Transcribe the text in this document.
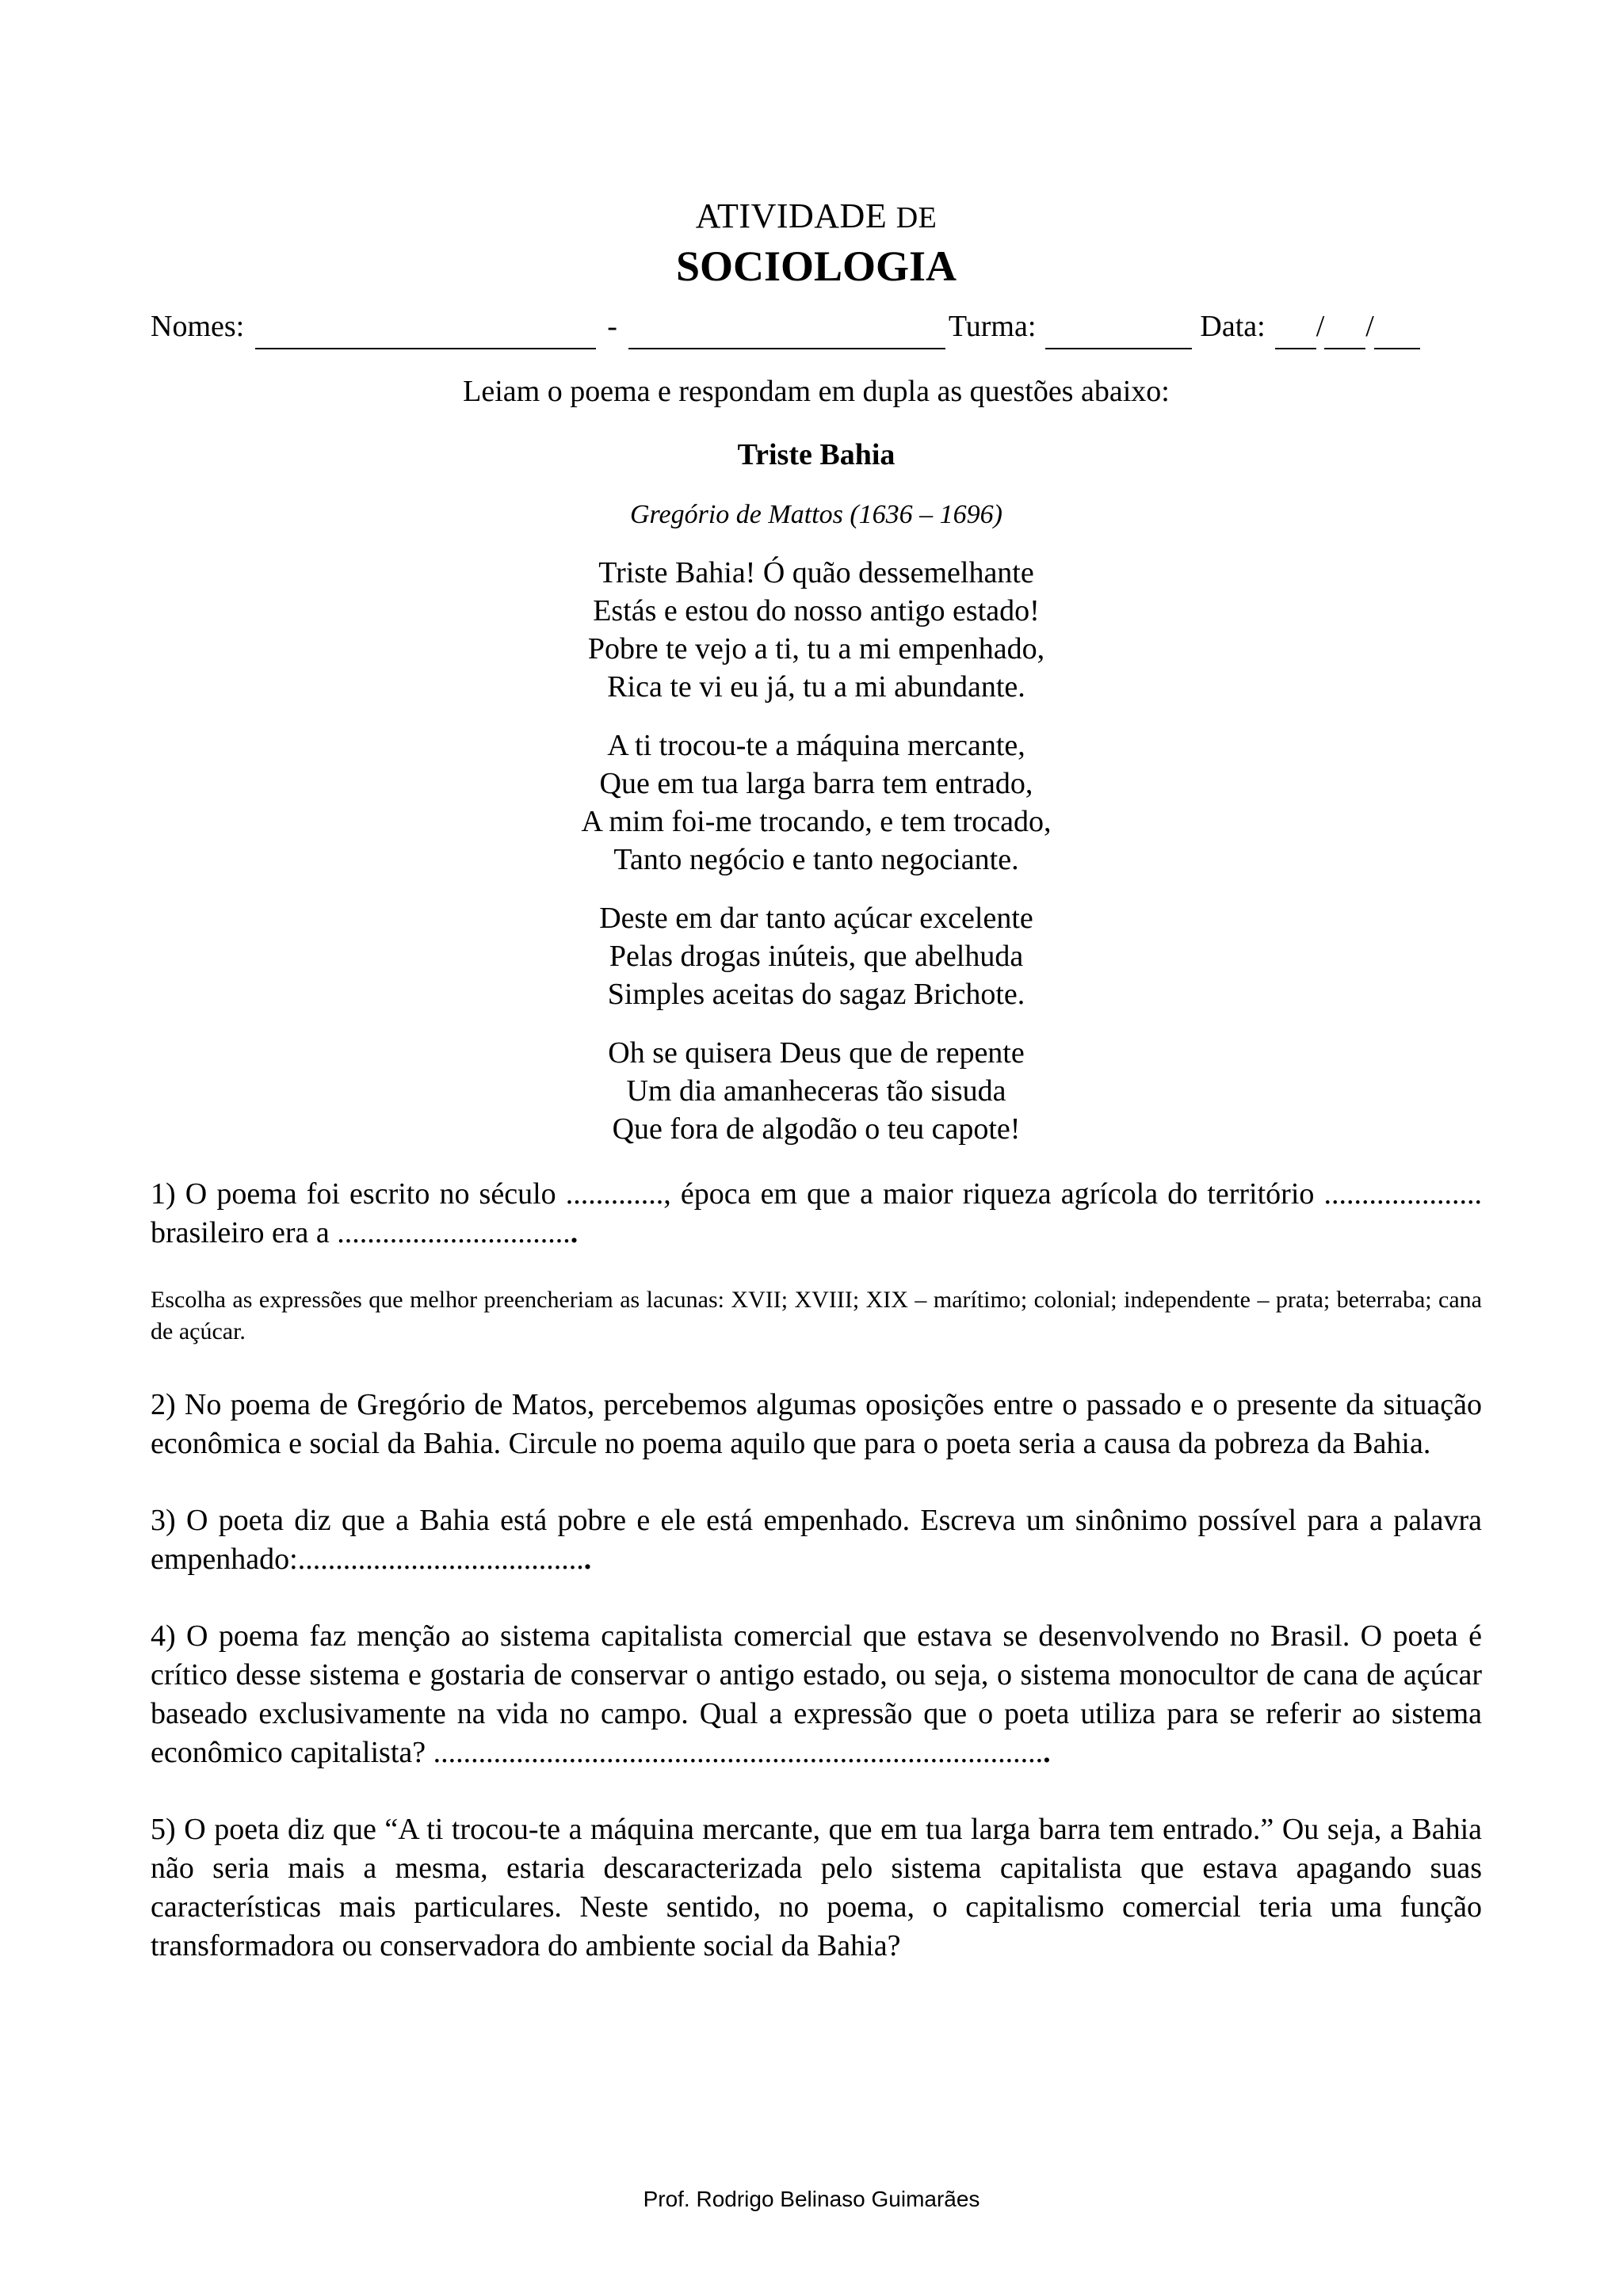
ATIVIDADE DE

SOCIOLOGIA

Nomes:	-	Turma:	Data: / /

Leiam o poema e respondam em dupla as questões abaixo:

Triste Bahia

Gregório de Mattos (1636 – 1696)

Triste Bahia! Ó quão dessemelhante
Estás e estou do nosso antigo estado!
Pobre te vejo a ti, tu a mi empenhado,
Rica te vi eu já, tu a mi abundante.
A ti trocou-te a máquina mercante,
Que em tua larga barra tem entrado,
A mim foi-me trocando, e tem trocado,
Tanto negócio e tanto negociante.
Deste em dar tanto açúcar excelente
Pelas drogas inúteis, que abelhuda
Simples aceitas do sagaz Brichote.
Oh se quisera Deus que de repente
Um dia amanheceras tão sisuda
Que fora de algodão o teu capote!

1) O poema foi escrito no século ............., época em que a maior riqueza agrícola do território ..................... brasileiro era a ................................

Escolha as expressões que melhor preencheriam as lacunas: XVII; XVIII; XIX – marítimo; colonial; independente – prata; beterraba; cana de açúcar.

2) No poema de Gregório de Matos, percebemos algumas oposições entre o passado e o presente da situação econômica e social da Bahia. Circule no poema aquilo que para o poeta seria a causa da pobreza da Bahia.

3) O poeta diz que a Bahia está pobre e ele está empenhado. Escreva um sinônimo possível para a palavra empenhado:.......................................

4) O poema faz menção ao sistema capitalista comercial que estava se desenvolvendo no Brasil. O poeta é crítico desse sistema e gostaria de conservar o antigo estado, ou seja, o sistema monocultor de cana de açúcar baseado exclusivamente na vida no campo. Qual a expressão que o poeta utiliza para se referir ao sistema econômico capitalista? ..................................................................................

5) O poeta diz que “A ti trocou-te a máquina mercante, que em tua larga barra tem entrado.” Ou seja, a Bahia não seria mais a mesma, estaria descaracterizada pelo sistema capitalista que estava apagando suas características mais particulares. Neste sentido, no poema, o capitalismo comercial teria uma função transformadora ou conservadora do ambiente social da Bahia?

Prof. Rodrigo Belinaso Guimarães
